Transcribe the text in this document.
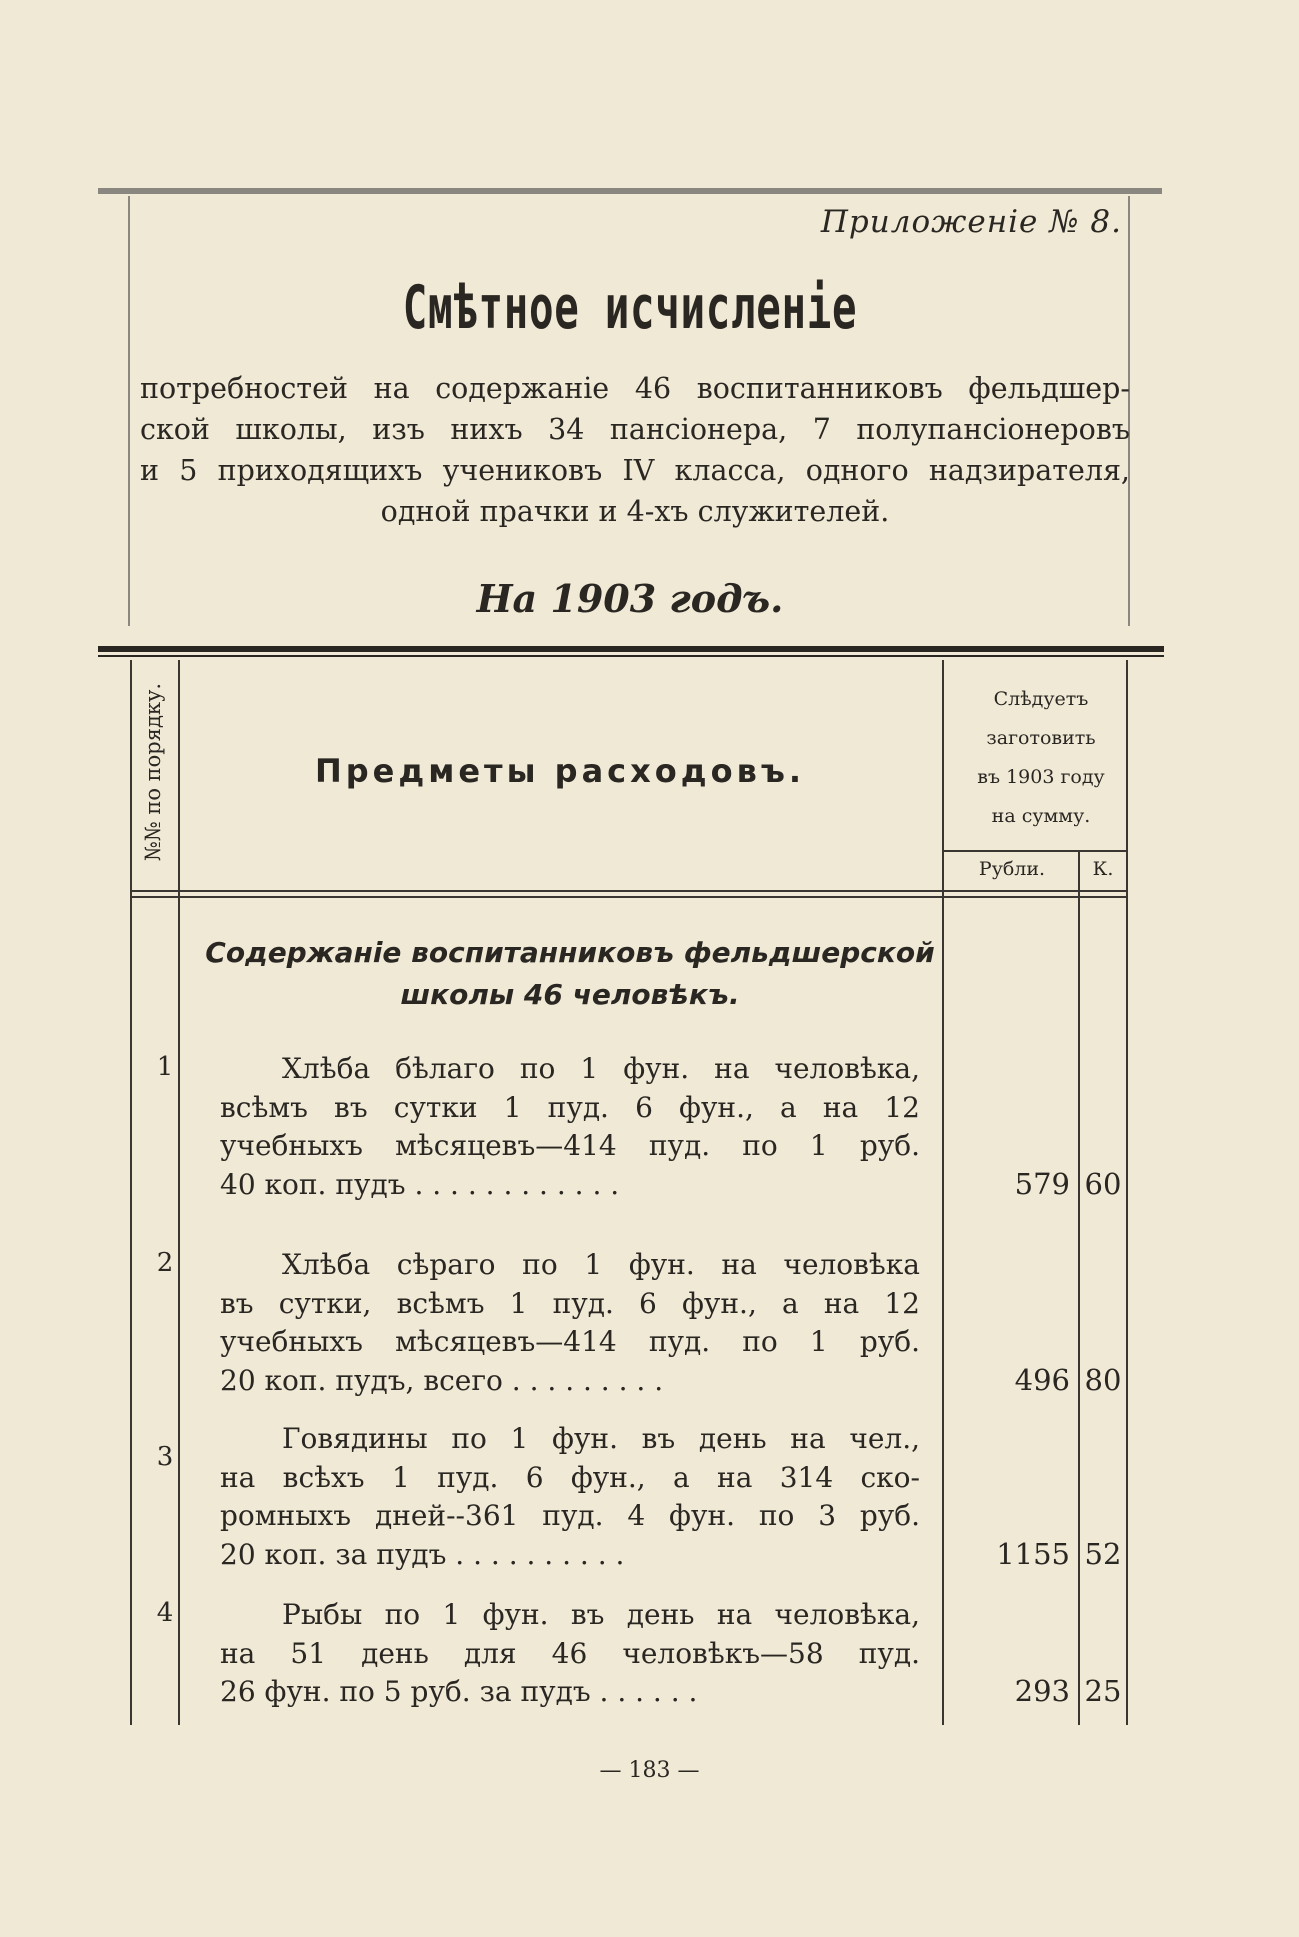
Приложеніе № 8.
Смѣтное исчисленіе
потребностей на содержаніе 46 воспитанниковъ фельдшер-
ской школы, изъ нихъ 34 пансіонера, 7 полупансіонеровъ
и 5 приходящихъ учениковъ IV класса, одного надзирателя,
одной прачки и 4-хъ служителей.
На 1903 годъ.
№№ по порядку.	Предметы расходовъ.
Слѣдуетъ
заготовить
въ 1903 году
на сумму.
Рубли.	К.
Содержаніе воспитанниковъ фельдшерской
школы 46 человѣкъ.
1	Хлѣба бѣлаго по 1 фун. на человѣка,
всѣмъ въ сутки 1 пуд. 6 фун., а на 12
учебныхъ мѣсяцевъ—414 пуд. по 1 руб.
40 коп. пудъ . . . . . . . . . . . .	579 60
2	Хлѣба сѣраго по 1 фун. на человѣка
въ сутки, всѣмъ 1 пуд. 6 фун., а на 12
учебныхъ мѣсяцевъ—414 пуд. по 1 руб.
20 коп. пудъ, всего . . . . . . . . .	496 80
3
Говядины по 1 фун. въ день на чел.,
на всѣхъ 1 пуд. 6 фун., а на 314 ско-
ромныхъ дней--361 пуд. 4 фун. по 3 руб.
20 коп. за пудъ . . . . . . . . . .	1155 52
4	Рыбы по 1 фун. въ день на человѣка,
на 51 день для 46 человѣкъ—58 пуд.
26 фун. по 5 руб. за пудъ . . . . . .	293 25
— 183 —
